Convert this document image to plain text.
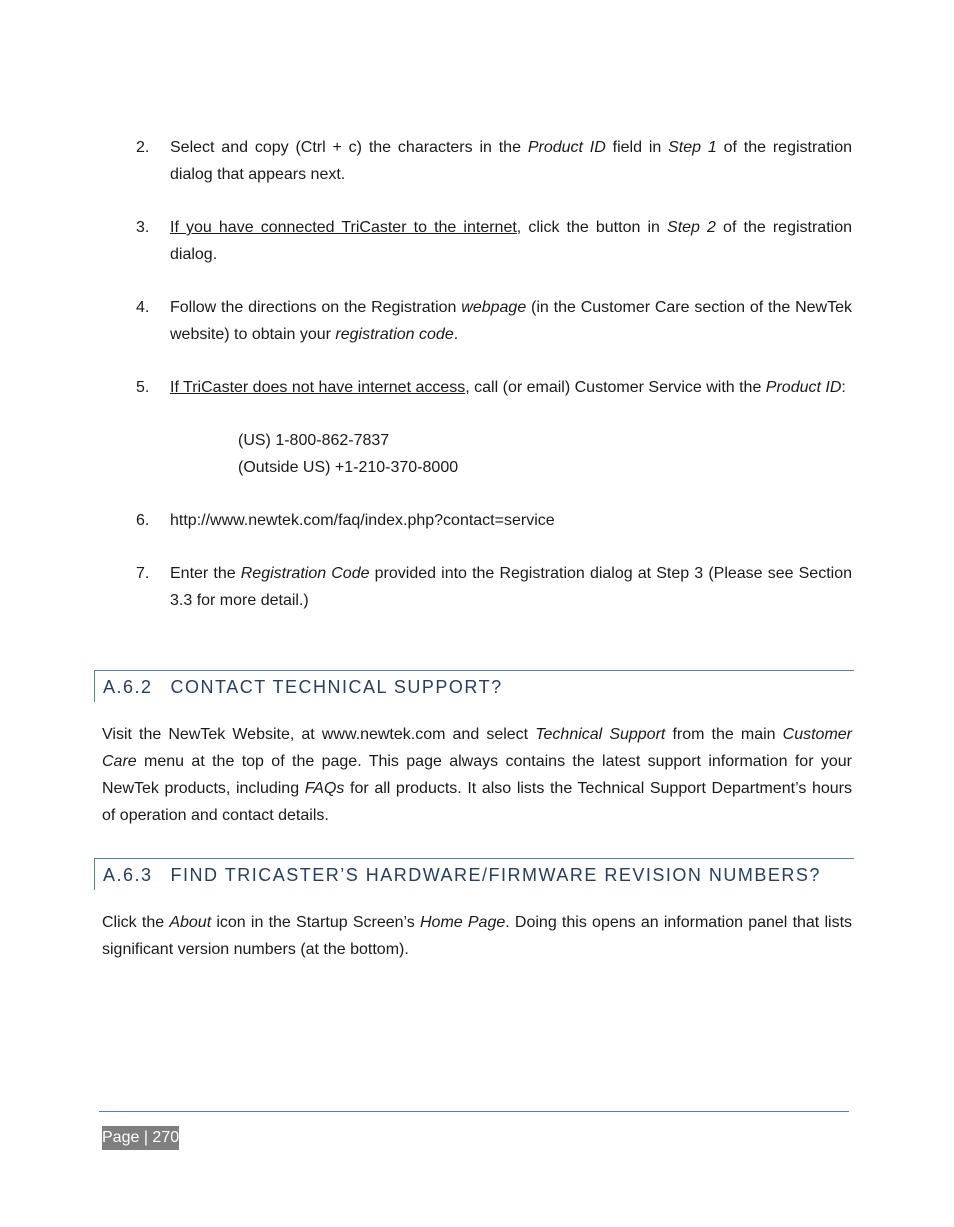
2.	Select and copy (Ctrl + c) the characters in the Product ID field in Step 1 of the registration dialog that appears next.
3.	If you have connected TriCaster to the internet, click the button in Step 2 of the registration dialog.
4.	Follow the directions on the Registration webpage (in the Customer Care section of the NewTek website) to obtain your registration code.
5.	If TriCaster does not have internet access, call (or email) Customer Service with the Product ID:
(US) 1-800-862-7837
(Outside US) +1-210-370-8000
6.	http://www.newtek.com/faq/index.php?contact=service
7.	Enter the Registration Code provided into the Registration dialog at Step 3 (Please see Section 3.3 for more detail.)
A.6.2 CONTACT TECHNICAL SUPPORT?
Visit the NewTek Website, at www.newtek.com and select Technical Support from the main Customer Care menu at the top of the page. This page always contains the latest support information for your NewTek products, including FAQs for all products. It also lists the Technical Support Department’s hours of operation and contact details.
A.6.3 FIND TRICASTER’S HARDWARE/FIRMWARE REVISION NUMBERS?
Click the About icon in the Startup Screen’s Home Page. Doing this opens an information panel that lists significant version numbers (at the bottom).
Page | 270
